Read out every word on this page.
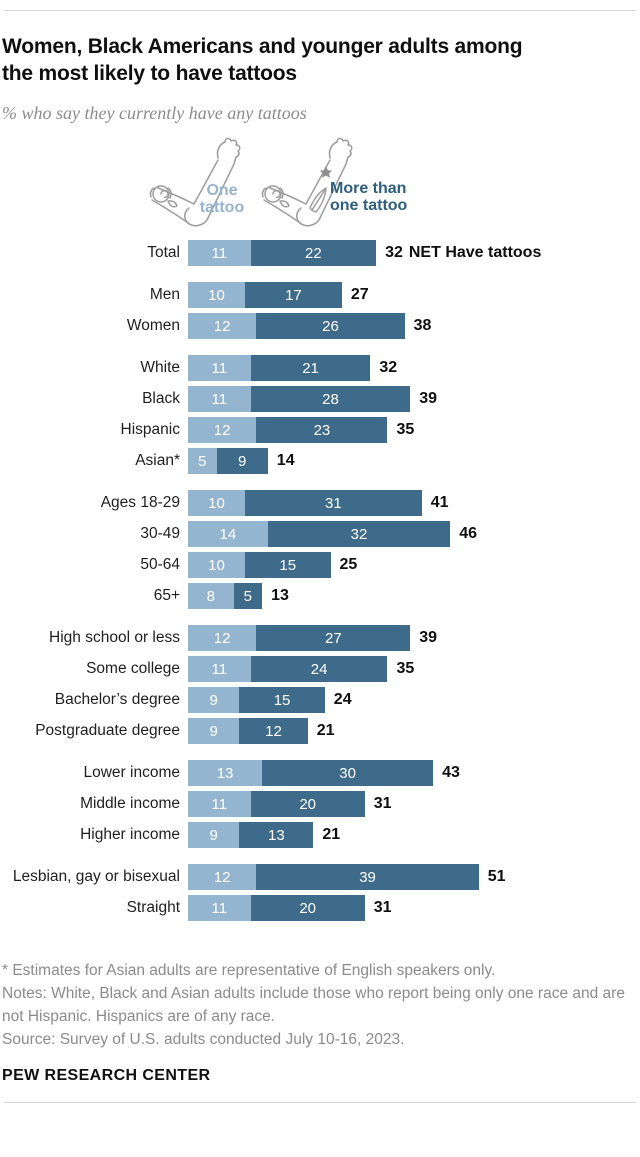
Women, Black Americans and younger adults among
the most likely to have tattoos
% who say they currently have any tattoos
One
tattoo
More than
one tattoo
Total	11	22	32 NET Have tattoos
Men	10	17	27
Women	12	26	38
White	11	21	32
Black	11	28	39
Hispanic	12	23	35
Asian*	5	9	14
Ages 18-29	10	31	41
30-49	14	32	46
50-64	10	15	25
65+	8	5	13
High school or less	12	27	39
Some college	11	24	35
Bachelor’s degree	9	15	24
Postgraduate degree	9	12	21
Lower income	13	30	43
Middle income	11	20	31
Higher income	9	13	21
Lesbian, gay or bisexual	12	39	51
Straight	11	20	31
* Estimates for Asian adults are representative of English speakers only.
Notes: White, Black and Asian adults include those who report being only one race and are not Hispanic. Hispanics are of any race.
Source: Survey of U.S. adults conducted July 10-16, 2023.
PEW RESEARCH CENTER
